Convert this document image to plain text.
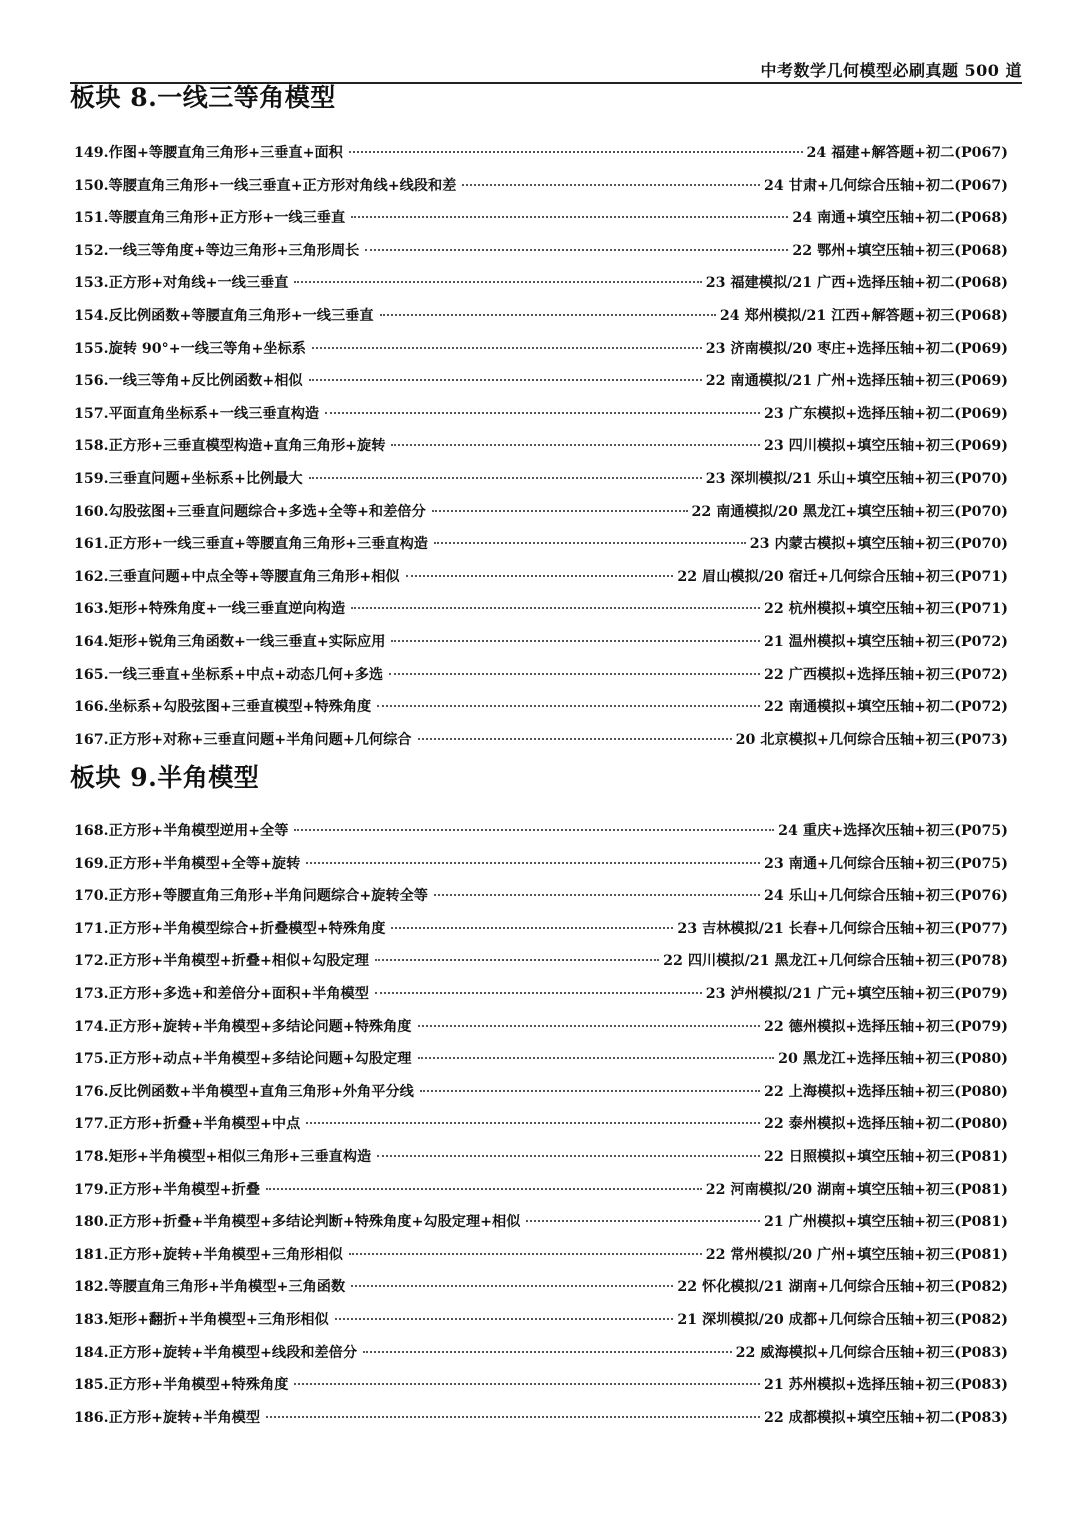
中考数学几何模型必刷真题 500 道
板块 8.一线三等角模型
149. 作图+等腰直角三角形+三垂直+面积	24 福建+解答题+初二(P067)
150. 等腰直角三角形+一线三垂直+正方形对角线+线段和差	24 甘肃+几何综合压轴+初二(P067)
151. 等腰直角三角形+正方形+一线三垂直	24 南通+填空压轴+初二(P068)
152. 一线三等角度+等边三角形+三角形周长	22 鄂州+填空压轴+初三(P068)
153. 正方形+对角线+一线三垂直	23 福建模拟/21 广西+选择压轴+初二(P068)
154. 反比例函数+等腰直角三角形+一线三垂直	24 郑州模拟/21 江西+解答题+初三(P068)
155. 旋转 90°+一线三等角+坐标系	23 济南模拟/20 枣庄+选择压轴+初二(P069)
156. 一线三等角+反比例函数+相似	22 南通模拟/21 广州+选择压轴+初三(P069)
157. 平面直角坐标系+一线三垂直构造	23 广东模拟+选择压轴+初二(P069)
158. 正方形+三垂直模型构造+直角三角形+旋转	23 四川模拟+填空压轴+初三(P069)
159. 三垂直问题+坐标系+比例最大	23 深圳模拟/21 乐山+填空压轴+初三(P070)
160. 勾股弦图+三垂直问题综合+多选+全等+和差倍分	22 南通模拟/20 黑龙江+填空压轴+初三(P070)
161. 正方形+一线三垂直+等腰直角三角形+三垂直构造	23 内蒙古模拟+填空压轴+初三(P070)
162. 三垂直问题+中点全等+等腰直角三角形+相似	22 眉山模拟/20 宿迁+几何综合压轴+初三(P071)
163. 矩形+特殊角度+一线三垂直逆向构造	22 杭州模拟+填空压轴+初三(P071)
164. 矩形+锐角三角函数+一线三垂直+实际应用	21 温州模拟+填空压轴+初三(P072)
165. 一线三垂直+坐标系+中点+动态几何+多选	22 广西模拟+选择压轴+初三(P072)
166. 坐标系+勾股弦图+三垂直模型+特殊角度	22 南通模拟+填空压轴+初二(P072)
167. 正方形+对称+三垂直问题+半角问题+几何综合	20 北京模拟+几何综合压轴+初三(P073)
板块 9.半角模型
168. 正方形+半角模型逆用+全等	24 重庆+选择次压轴+初三(P075)
169. 正方形+半角模型+全等+旋转	23 南通+几何综合压轴+初三(P075)
170. 正方形+等腰直角三角形+半角问题综合+旋转全等	24 乐山+几何综合压轴+初三(P076)
171. 正方形+半角模型综合+折叠模型+特殊角度	23 吉林模拟/21 长春+几何综合压轴+初三(P077)
172. 正方形+半角模型+折叠+相似+勾股定理	22 四川模拟/21 黑龙江+几何综合压轴+初三(P078)
173. 正方形+多选+和差倍分+面积+半角模型	23 泸州模拟/21 广元+填空压轴+初三(P079)
174. 正方形+旋转+半角模型+多结论问题+特殊角度	22 德州模拟+选择压轴+初三(P079)
175. 正方形+动点+半角模型+多结论问题+勾股定理	20 黑龙江+选择压轴+初三(P080)
176. 反比例函数+半角模型+直角三角形+外角平分线	22 上海模拟+选择压轴+初三(P080)
177. 正方形+折叠+半角模型+中点	22 泰州模拟+选择压轴+初二(P080)
178. 矩形+半角模型+相似三角形+三垂直构造	22 日照模拟+填空压轴+初三(P081)
179. 正方形+半角模型+折叠	22 河南模拟/20 湖南+填空压轴+初三(P081)
180. 正方形+折叠+半角模型+多结论判断+特殊角度+勾股定理+相似	21 广州模拟+填空压轴+初三(P081)
181. 正方形+旋转+半角模型+三角形相似	22 常州模拟/20 广州+填空压轴+初三(P081)
182. 等腰直角三角形+半角模型+三角函数	22 怀化模拟/21 湖南+几何综合压轴+初三(P082)
183. 矩形+翻折+半角模型+三角形相似	21 深圳模拟/20 成都+几何综合压轴+初三(P082)
184. 正方形+旋转+半角模型+线段和差倍分	22 威海模拟+几何综合压轴+初三(P083)
185. 正方形+半角模型+特殊角度	21 苏州模拟+选择压轴+初三(P083)
186. 正方形+旋转+半角模型	22 成都模拟+填空压轴+初二(P083)
